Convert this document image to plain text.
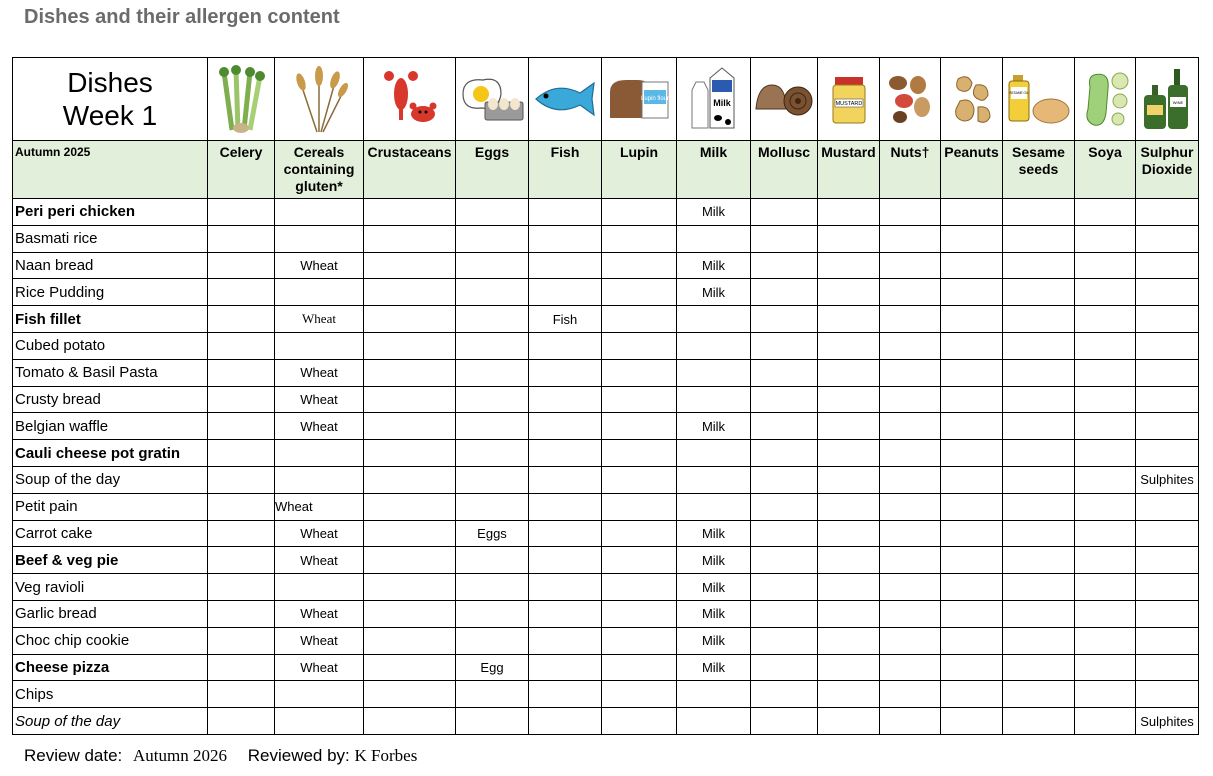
Dishes and their allergen content
Dishes
Week 1						Lupin flour	Milk		MUSTARD			SESAME OIL		WINE

Autumn 2025	Celery	Cereals containing gluten*	Crustaceans	Eggs	Fish	Lupin	Milk	Mollusc	Mustard	Nuts†	Peanuts	Sesame seeds	Soya	Sulphur Dioxide
Peri peri chicken							Milk							
Basmati rice														
Naan bread		Wheat					Milk							
Rice Pudding							Milk							
Fish fillet		Wheat			Fish									
Cubed potato														
Tomato & Basil Pasta		Wheat												
Crusty bread		Wheat												
Belgian waffle		Wheat					Milk							
Cauli cheese pot gratin														
Soup of the day														Sulphites
Petit pain		Wheat												
Carrot cake		Wheat		Eggs			Milk							
Beef & veg pie		Wheat					Milk							
Veg ravioli							Milk							
Garlic bread		Wheat					Milk							
Choc chip cookie		Wheat					Milk							
Cheese pizza		Wheat		Egg			Milk							
Chips														
Soup of the day														Sulphites
Review date: Autumn 2026 Reviewed by: K Forbes
